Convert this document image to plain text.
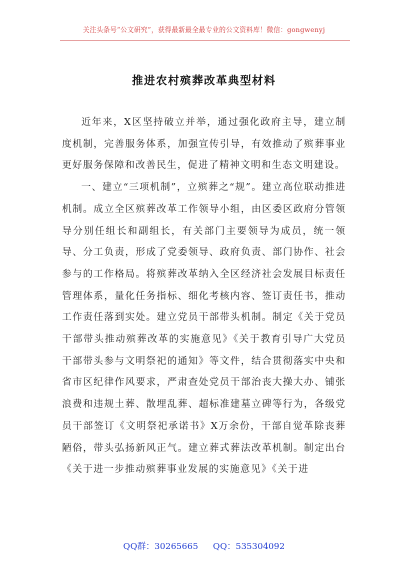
关注头条号“公文研究”，获得最新最全最专业的公文资料库！微信：gongwenyj
推进农村殡葬改革典型材料

近年来，X区坚持破立并举，通过强化政府主导，建立制度机制，完善服务体系，加强宣传引导，有效推动了殡葬事业更好服务保障和改善民生，促进了精神文明和生态文明建设。

一、建立“三项机制”，立殡葬之“规”。建立高位联动推进机制。成立全区殡葬改革工作领导小组，由区委区政府分管领导分别任组长和副组长，有关部门主要领导为成员，统一领导、分工负责，形成了党委领导、政府负责、部门协作、社会参与的工作格局。将殡葬改革纳入全区经济社会发展目标责任管理体系，量化任务指标、细化考核内容、签订责任书，推动工作责任落到实处。建立党员干部带头机制。制定《关于党员干部带头推动殡葬改革的实施意见》《关于教育引导广大党员干部带头参与文明祭祀的通知》等文件，结合贯彻落实中央和省市区纪律作风要求，严肃查处党员干部治丧大操大办、铺张浪费和违规土葬、散埋乱葬、超标准建墓立碑等行为，各级党员干部签订《文明祭祀承诺书》X万余份，干部自觉革除丧葬陋俗，带头弘扬新风正气。建立葬式葬法改革机制。制定出台《关于进一步推动殡葬事业发展的实施意见》《关于进

QQ群：30265665 QQ：535304092
